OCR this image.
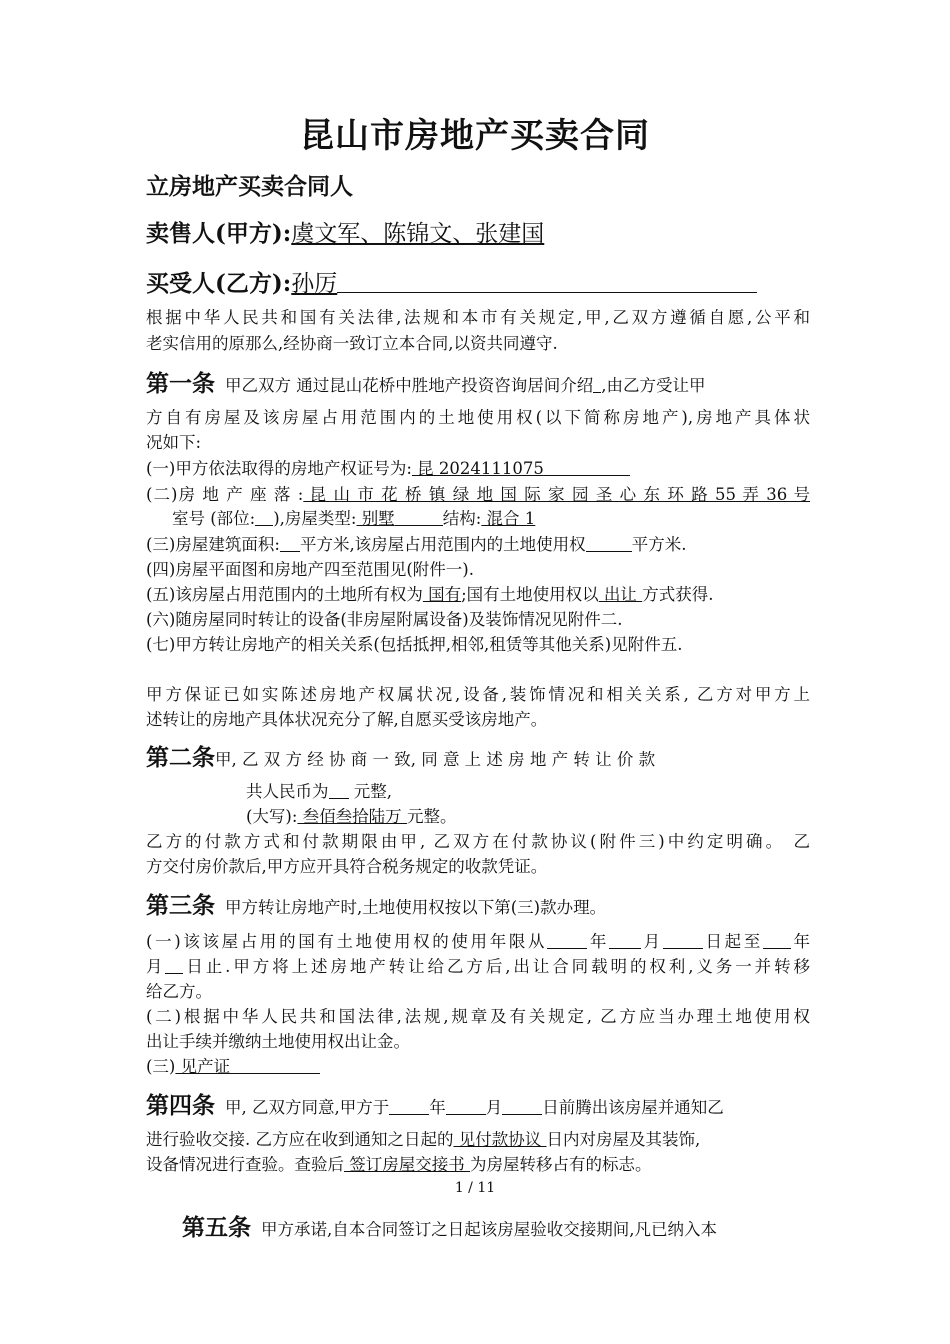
昆山市房地产买卖合同
立房地产买卖合同人
卖售人(甲方):虞文军、陈锦文、张建国
买受人(乙方):孙厉
根据中华人民共和国有关法律,法规和本市有关规定,甲,乙双方遵循自愿,公平和
老实信用的原那么,经协商一致订立本合同,以资共同遵守.
第一条 甲乙双方 通过昆山花桥中胜地产投资咨询居间介绍 ,由乙方受让甲
方自有房屋及该房屋占用范围内的土地使用权(以下简称房地产),房地产具体状
况如下:
(一)甲方依法取得的房地产权证号为: 昆 2024111075
(二)房 地 产 座 落 : 昆 山 市 花 桥 镇 绿 地 国 际 家 园 圣 心 东 环 路 55 弄 36 号
室号 (部位: ),房屋类型: 别墅	结构: 混合 1
(三)房屋建筑面积: 平方米,该房屋占用范围内的土地使用权	平方米.
(四)房屋平面图和房地产四至范围见(附件一).
(五)该房屋占用范围内的土地所有权为 国有;国有土地使用权以 出让 方式获得.
(六)随房屋同时转让的设备(非房屋附属设备)及装饰情况见附件二.
(七)甲方转让房地产的相关关系(包括抵押,相邻,租赁等其他关系)见附件五.
甲方保证已如实陈述房地产权属状况,设备,装饰情况和相关关系, 乙方对甲方上
述转让的房地产具体状况充分了解,自愿买受该房地产。
第二条甲, 乙 双 方 经 协 商 一 致, 同 意 上 述 房 地 产 转 让 价 款
共人民币为 元整,
(大写): 叁佰叁拾陆万 元整。
乙方的付款方式和付款期限由甲, 乙双方在付款协议(附件三)中约定明确。 乙
方交付房价款后,甲方应开具符合税务规定的收款凭证。
第三条 甲方转让房地产时,土地使用权按以下第(三)款办理。
(一)该该屋占用的国有土地使用权的使用年限从 年 月 日起至 年
月 日止.甲方将上述房地产转让给乙方后,出让合同载明的权利,义务一并转移
给乙方。
(二)根据中华人民共和国法律,法规,规章及有关规定, 乙方应当办理土地使用权
出让手续并缴纳土地使用权出让金。
(三) 见产证
第四条 甲, 乙双方同意,甲方于 年 月 日前腾出该房屋并通知乙
进行验收交接. 乙方应在收到通知之日起的 见付款协议 日内对房屋及其装饰,
设备情况进行查验。查验后 签订房屋交接书 为房屋转移占有的标志。
1 / 11
第五条 甲方承诺,自本合同签订之日起该房屋验收交接期间,凡已纳入本
